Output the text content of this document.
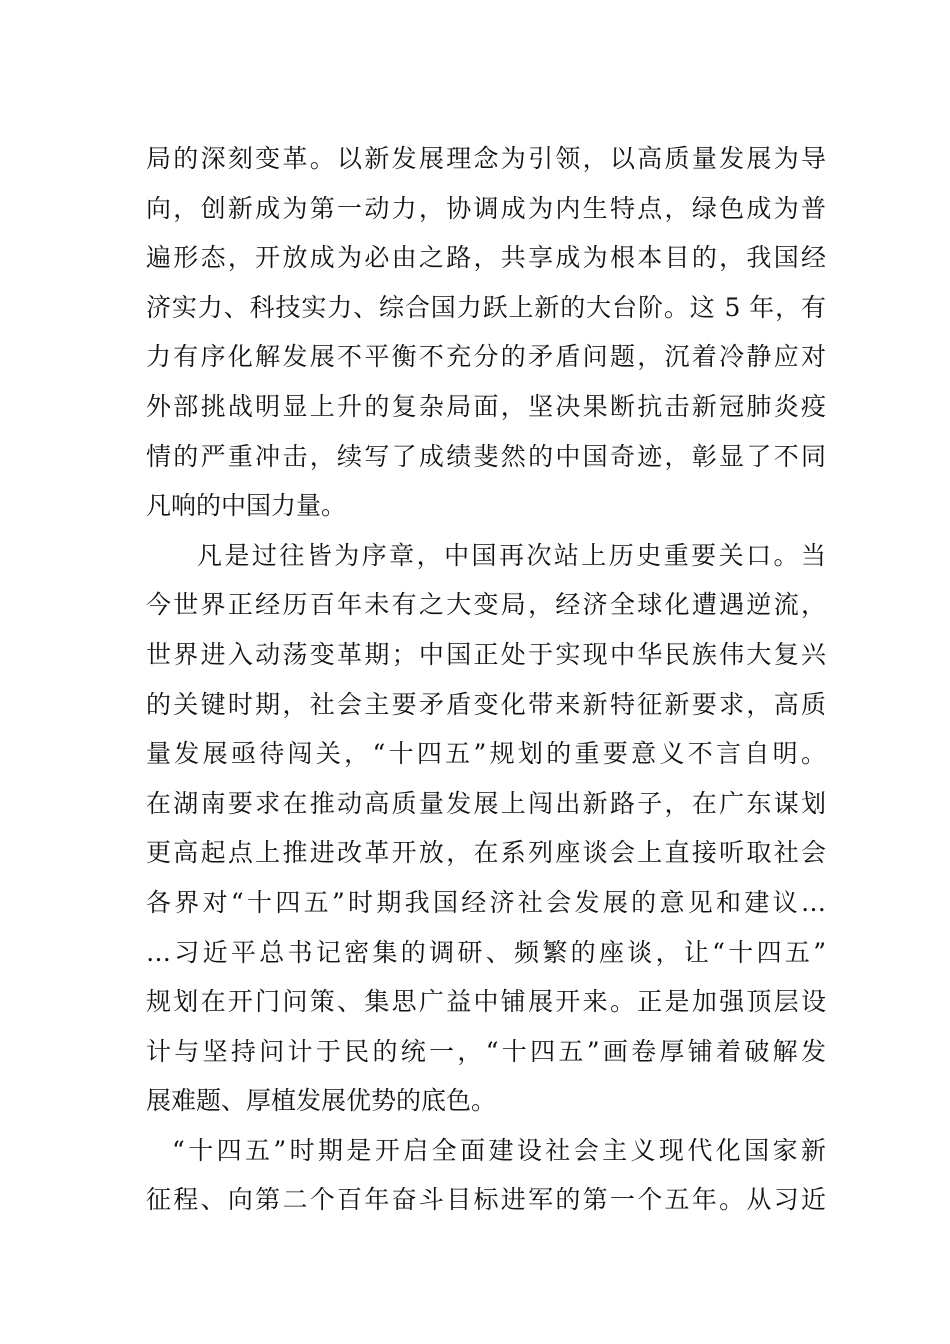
局的深刻变革。以新发展理念为引领，以高质量发展为导
向，创新成为第一动力，协调成为内生特点，绿色成为普
遍形态，开放成为必由之路，共享成为根本目的，我国经
济实力、科技实力、综合国力跃上新的大台阶。这 5 年，有
力有序化解发展不平衡不充分的矛盾问题，沉着冷静应对
外部挑战明显上升的复杂局面，坚决果断抗击新冠肺炎疫
情的严重冲击，续写了成绩斐然的中国奇迹，彰显了不同
凡响的中国力量。
凡是过往皆为序章，中国再次站上历史重要关口。当
今世界正经历百年未有之大变局，经济全球化遭遇逆流，
世界进入动荡变革期；中国正处于实现中华民族伟大复兴
的关键时期，社会主要矛盾变化带来新特征新要求，高质
量发展亟待闯关，“十四五”规划的重要意义不言自明。
在湖南要求在推动高质量发展上闯出新路子，在广东谋划
更高起点上推进改革开放，在系列座谈会上直接听取社会
各界对“十四五”时期我国经济社会发展的意见和建议…
…习近平总书记密集的调研、频繁的座谈，让“十四五”
规划在开门问策、集思广益中铺展开来。正是加强顶层设
计与坚持问计于民的统一，“十四五”画卷厚铺着破解发
展难题、厚植发展优势的底色。
“十四五”时期是开启全面建设社会主义现代化国家新
征程、向第二个百年奋斗目标进军的第一个五年。从习近
